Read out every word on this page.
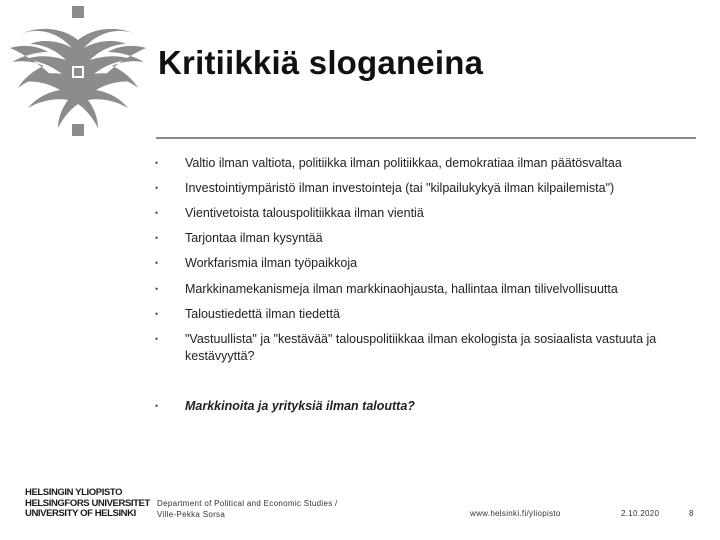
Kritiikkiä sloganeina
• Valtio ilman valtiota, politiikka ilman politiikkaa, demokratiaa ilman päätösvaltaa
• Investointiympäristö ilman investointeja (tai "kilpailukykyä ilman kilpailemista")
• Vientivetoista talouspolitiikkaa ilman vientiä
• Tarjontaa ilman kysyntää
• Workfarismia ilman työpaikkoja
• Markkinamekanismeja ilman markkinaohjausta, hallintaa ilman tilivelvollisuutta
• Taloustiedettä ilman tiedettä
• "Vastuullista" ja "kestävää" talouspolitiikkaa ilman ekologista ja sosiaalista vastuuta ja kestävyyttä?
• Markkinoita ja yrityksiä ilman taloutta?
HELSINGIN YLIOPISTO
HELSINGFORS UNIVERSITET
UNIVERSITY OF HELSINKI
Department of Political and Economic Studies /
Ville-Pekka Sorsa	www.helsinki.fi/yliopisto	2.10.2020	8
